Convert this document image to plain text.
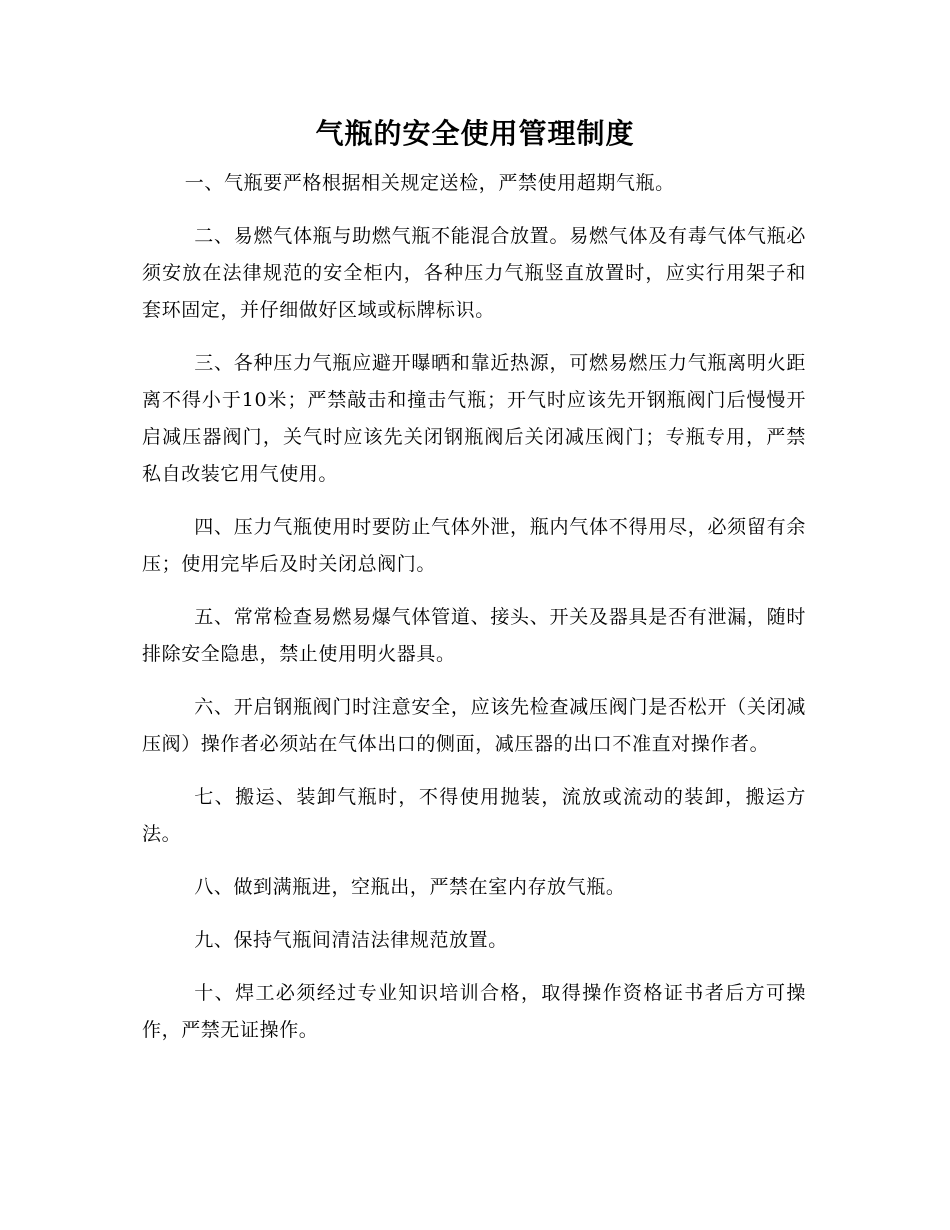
气瓶的安全使用管理制度

一、气瓶要严格根据相关规定送检，严禁使用超期气瓶。

二、易燃气体瓶与助燃气瓶不能混合放置。易燃气体及有毒气体气瓶必须安放在法律规范的安全柜内，各种压力气瓶竖直放置时，应实行用架子和套环固定，并仔细做好区域或标牌标识。

三、各种压力气瓶应避开曝晒和靠近热源，可燃易燃压力气瓶离明火距离不得小于10米；严禁敲击和撞击气瓶；开气时应该先开钢瓶阀门后慢慢开启减压器阀门，关气时应该先关闭钢瓶阀后关闭减压阀门；专瓶专用，严禁私自改装它用气使用。

四、压力气瓶使用时要防止气体外泄，瓶内气体不得用尽，必须留有余压；使用完毕后及时关闭总阀门。

五、常常检查易燃易爆气体管道、接头、开关及器具是否有泄漏，随时排除安全隐患，禁止使用明火器具。

六、开启钢瓶阀门时注意安全，应该先检查减压阀门是否松开（关闭减压阀）操作者必须站在气体出口的侧面，减压器的出口不准直对操作者。

七、搬运、装卸气瓶时，不得使用抛装，流放或流动的装卸，搬运方法。

八、做到满瓶进，空瓶出，严禁在室内存放气瓶。

九、保持气瓶间清洁法律规范放置。

十、焊工必须经过专业知识培训合格，取得操作资格证书者后方可操作，严禁无证操作。
